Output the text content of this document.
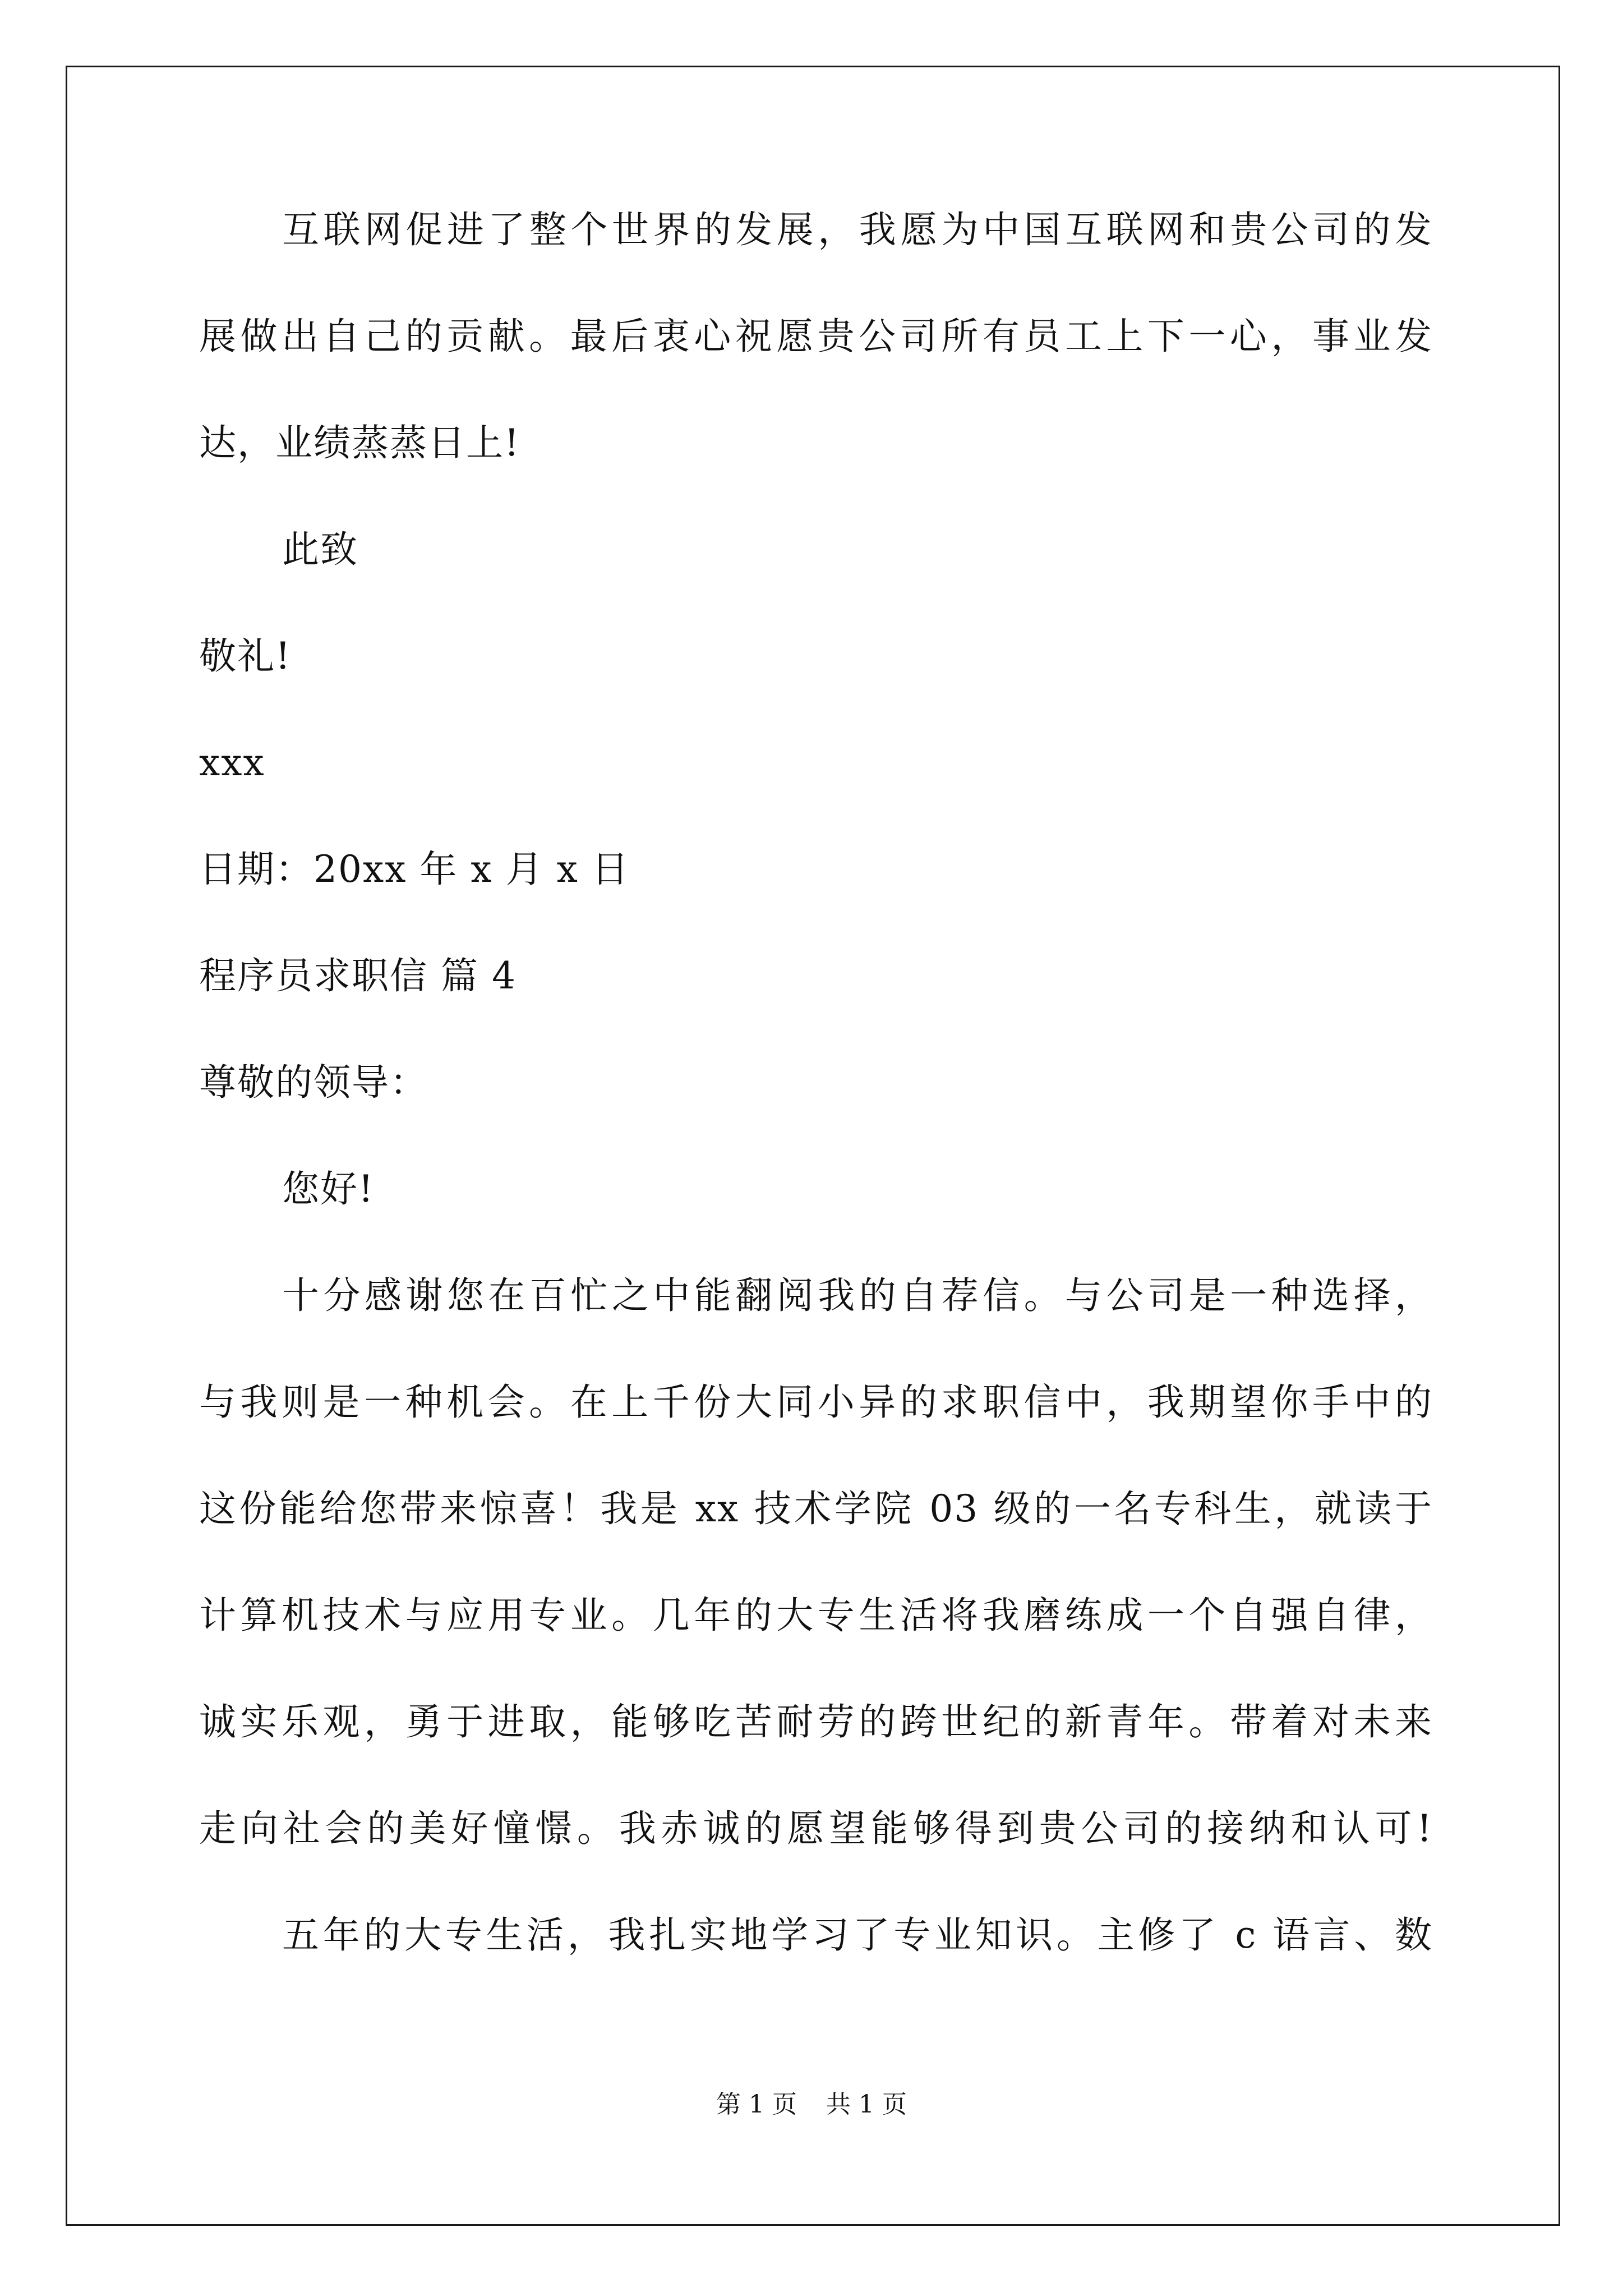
互联网促进了整个世界的发展，我愿为中国互联网和贵公司的发
展做出自己的贡献。最后衷心祝愿贵公司所有员工上下一心，事业发
达，业绩蒸蒸日上!
此致
敬礼!
xxx
日期：20xx 年 x 月 x 日
程序员求职信 篇 4
尊敬的领导：
您好!
十分感谢您在百忙之中能翻阅我的自荐信。与公司是一种选择，
与我则是一种机会。在上千份大同小异的求职信中，我期望你手中的
这份能给您带来惊喜！我是 xx 技术学院 03 级的一名专科生，就读于
计算机技术与应用专业。几年的大专生活将我磨练成一个自强自律，
诚实乐观，勇于进取，能够吃苦耐劳的跨世纪的新青年。带着对未来
走向社会的美好憧憬。我赤诚的愿望能够得到贵公司的接纳和认可!
五年的大专生活，我扎实地学习了专业知识。主修了 c 语言、数
第 1 页 共 1 页
